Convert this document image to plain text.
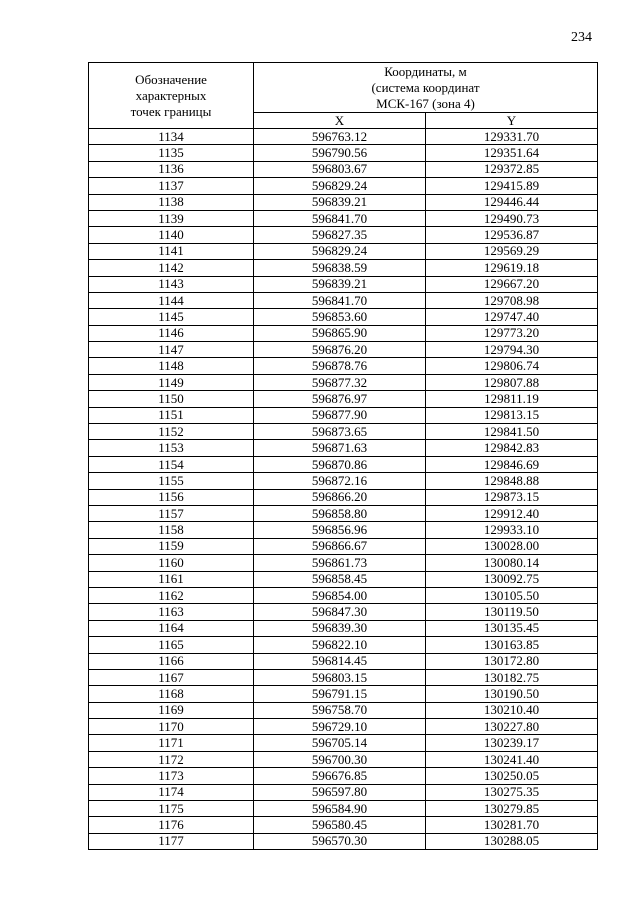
234
Обозначение
характерных
точек границы	Координаты, м
(система координат
МСК-167 (зона 4)	

	X	Y
1134	596763.12	129331.70
1135	596790.56	129351.64
1136	596803.67	129372.85
1137	596829.24	129415.89
1138	596839.21	129446.44
1139	596841.70	129490.73
1140	596827.35	129536.87
1141	596829.24	129569.29
1142	596838.59	129619.18
1143	596839.21	129667.20
1144	596841.70	129708.98
1145	596853.60	129747.40
1146	596865.90	129773.20
1147	596876.20	129794.30
1148	596878.76	129806.74
1149	596877.32	129807.88
1150	596876.97	129811.19
1151	596877.90	129813.15
1152	596873.65	129841.50
1153	596871.63	129842.83
1154	596870.86	129846.69
1155	596872.16	129848.88
1156	596866.20	129873.15
1157	596858.80	129912.40
1158	596856.96	129933.10
1159	596866.67	130028.00
1160	596861.73	130080.14
1161	596858.45	130092.75
1162	596854.00	130105.50
1163	596847.30	130119.50
1164	596839.30	130135.45
1165	596822.10	130163.85
1166	596814.45	130172.80
1167	596803.15	130182.75
1168	596791.15	130190.50
1169	596758.70	130210.40
1170	596729.10	130227.80
1171	596705.14	130239.17
1172	596700.30	130241.40
1173	596676.85	130250.05
1174	596597.80	130275.35
1175	596584.90	130279.85
1176	596580.45	130281.70
1177	596570.30	130288.05
